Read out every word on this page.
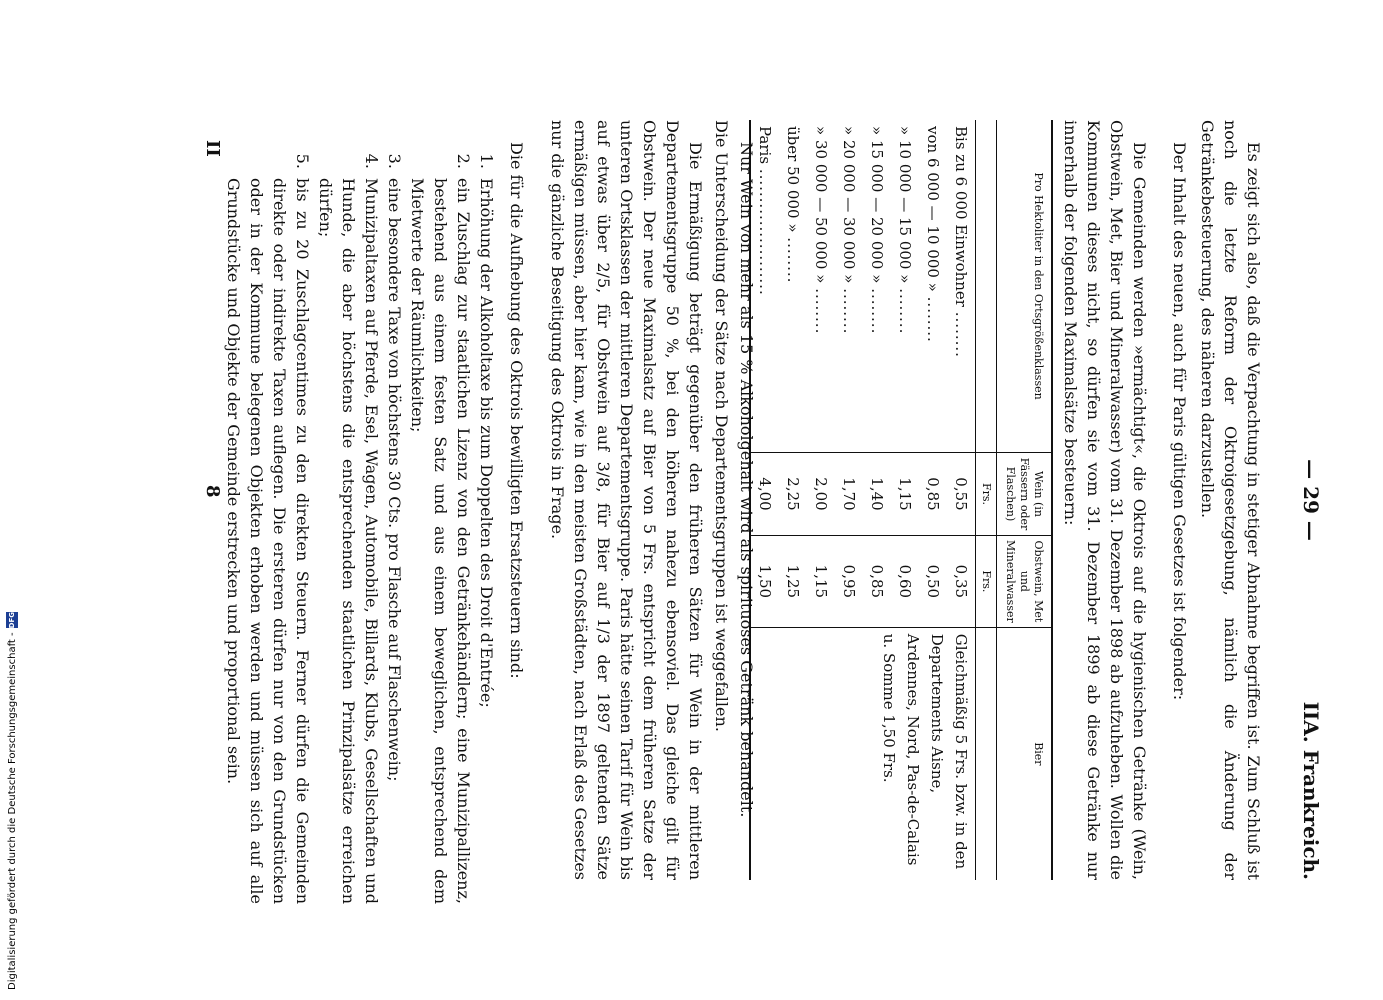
— 29 —
IIA. Frankreich.

Es zeigt sich also, daß die Verpachtung in stetiger Abnahme begriffen ist. Zum Schluß ist noch die letzte Reform der Oktroigesetzgebung, nämlich die Änderung der Getränkebesteuerung, des näheren darzustellen.

Der Inhalt des neuen, auch für Paris gültigen Gesetzes ist folgender:

Die Gemeinden werden »ermächtigt«, die Oktrois auf die hygienischen Getränke (Wein, Obstwein, Met, Bier und Mineralwasser) vom 31. Dezember 1898 ab aufzuheben. Wollen die Kommunen dieses nicht, so dürfen sie vom 31. Dezember 1899 ab diese Getränke nur innerhalb der folgenden Maximalsätze besteuern:

Pro Hektoliter in den Ortsgrößenklassen	Wein (in Fässern oder Flaschen)	Obstwein, Met und Mineralwasser	Bier
	Frs.	Frs.	
Bis zu 6 000 Einwohner ........	0,55	0,35	Gleichmäßig 5 Frs. bzw. in den Departements Aisne, Ardennes, Nord, Pas-de-Calais u. Somme 1,50 Frs.
von 6 000 — 10 000 » ........	0,85	0,50	
» 10 000 — 15 000 » ........	1,15	0,60	
» 15 000 — 20 000 » ........	1,40	0,85	
» 20 000 — 30 000 » ........	1,70	0,95	
» 30 000 — 50 000 » ........	2,00	1,15	
über 50 000 » ........	2,25	1,25	
Paris ......................	4,00	1,50	

Nur Wein von mehr als 15 % Alkoholgehalt wird als spirituoses Getränk behandelt.

Die Unterscheidung der Sätze nach Departementsgruppen ist weggefallen.

Die Ermäßigung beträgt gegenüber den früheren Sätzen für Wein in der mittleren Departementsgruppe 50 %, bei den höheren nahezu ebensoviel. Das gleiche gilt für Obstwein. Der neue Maximalsatz auf Bier von 5 Frs. entspricht dem früheren Satze der unteren Ortsklassen der mittleren Departementsgruppe. Paris hätte seinen Tarif für Wein bis auf etwas über 2/5, für Obstwein auf 3/8, für Bier auf 1/3 der 1897 geltenden Sätze ermäßigen müssen, aber hier kam, wie in den meisten Großstädten, nach Erlaß des Gesetzes nur die gänzliche Beseitigung des Oktrois in Frage.

Die für die Aufhebung des Oktrois bewilligten Ersatzsteuern sind:

1. Erhöhung der Alkoholtaxe bis zum Doppelten des Droit d'Entrée;
2. ein Zuschlag zur staatlichen Lizenz von den Getränkehändlern; eine Munizipallizenz, bestehend aus einem festen Satz und aus einem beweglichen, entsprechend dem Mietwerte der Räumlichkeiten;
3. eine besondere Taxe von höchstens 30 Cts. pro Flasche auf Flaschenwein;
4. Munizipaltaxen auf Pferde, Esel, Wagen, Automobile, Billards, Klubs, Gesellschaften und Hunde, die aber höchstens die entsprechenden staatlichen Prinzipalsätze erreichen dürfen;
5. bis zu 20 Zuschlagcentimes zu den direkten Steuern. Ferner dürfen die Gemeinden direkte oder indirekte Taxen auflegen. Die ersteren dürfen nur von den Grundstücken oder in der Kommune belegenen Objekten erhoben werden und müssen sich auf alle Grundstücke und Objekte der Gemeinde erstrecken und proportional sein.
II
8
Digitalisierung gefördert durch die Deutsche Forschungsgemeinschaft -
DFG
